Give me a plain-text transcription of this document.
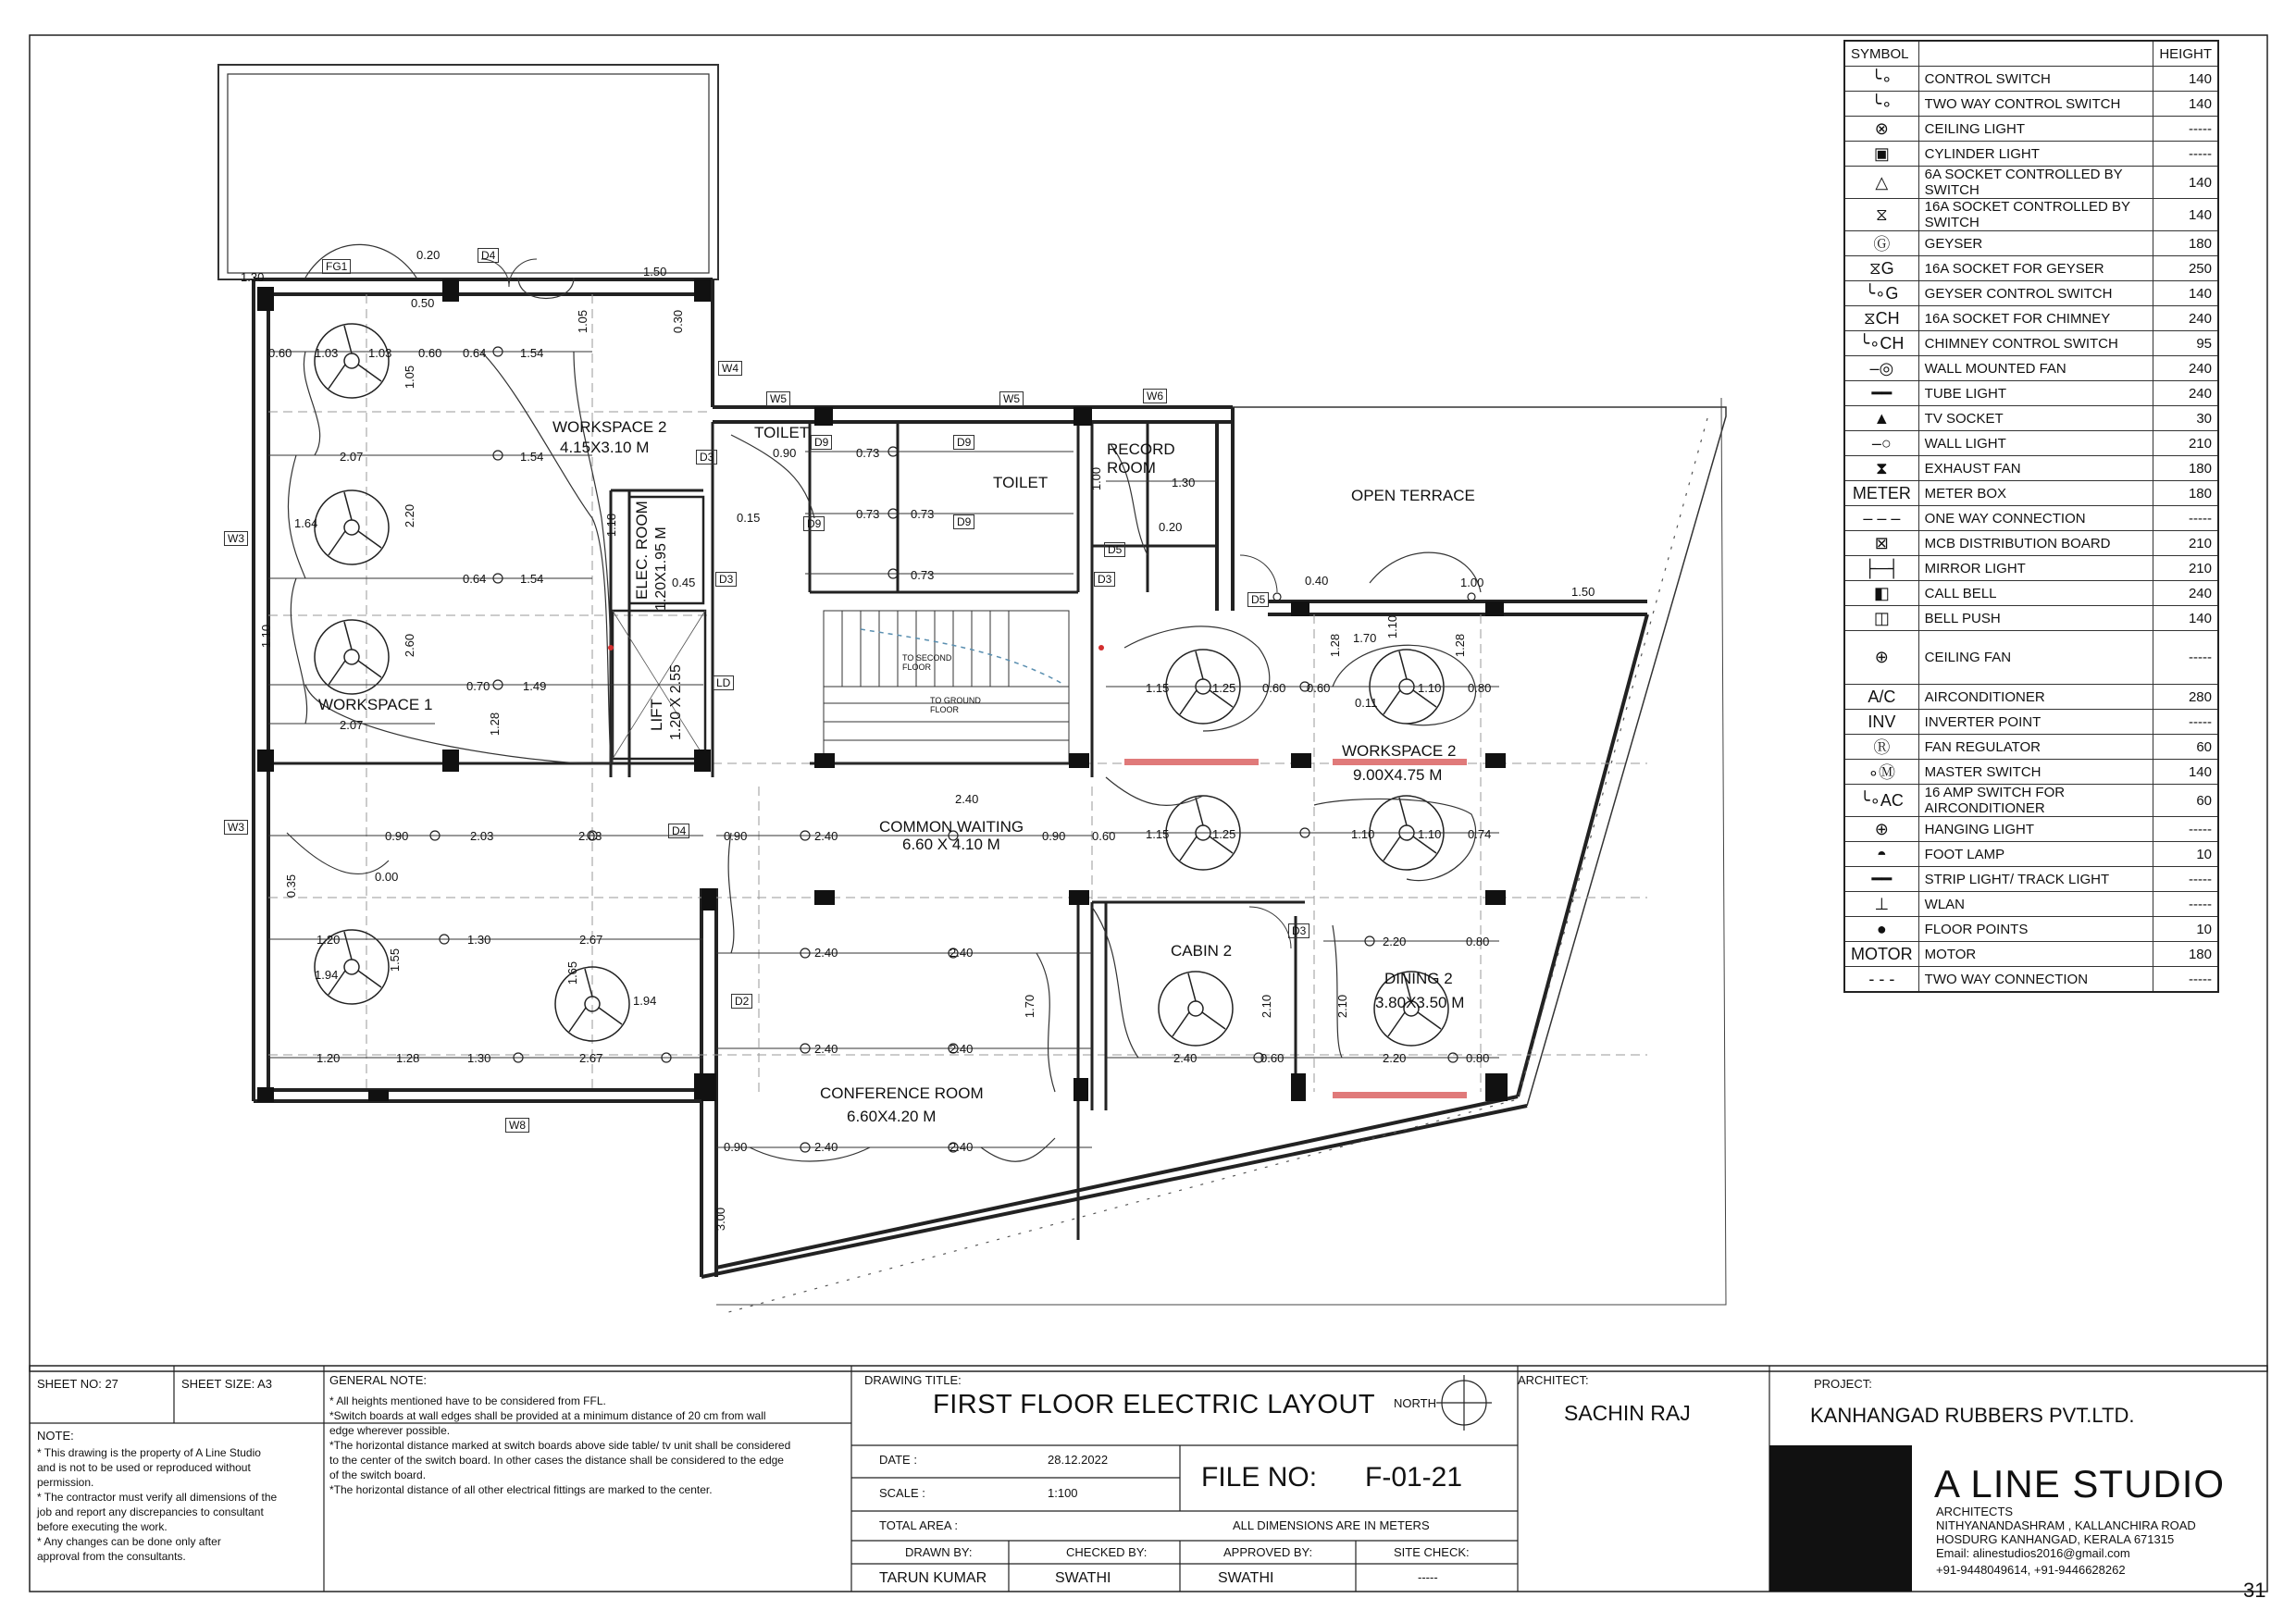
WORKSPACE 2
4.15X3.10 M
WORKSPACE 1
TOILET
TOILET
RECORD
ROOM
OPEN TERRACE
ELEC. ROOM 1.20X1.95 M
LIFT 1.20 X 2.55
TO SECOND
FLOOR
TO GROUND
FLOOR
COMMON WAITING
6.60 X 4.10 M
WORKSPACE 2
9.00X4.75 M
CABIN 2
DINING 2
3.80X3.50 M
CONFERENCE ROOM
6.60X4.20 M
FG1
D4
W4
W5	W5	W6
W3
W3
W8
D3
D3	D3
D3
D9	D9
D9	D9
D5
D5
D4
D2
LD
1.30
0.20
0.50
1.50
0.30
1.03	1.03
0.60	0.60 0.64	1.54
1.05
1.05
2.07	1.54
1.64	2.20
1.54
0.64
1.10	2.60
0.70	1.49
2.07	1.28
0.90	0.73
0.73	0.73
0.73
1.00	1.30
0.20
0.40	1.00
1.50
1.70
1.28	1.28
1.15	1.25 0.60 0.60	1.10 0.80
2.40
0.90	2.03	2.03	0.90	2.40	0.90 0.60	1.15	1.25	1.10	1.10 0.74
1.20	1.30	2.67
1.94
1.94
1.20	1.28	1.30	2.67
2.40	2.40
1.70
2.40	2.40
0.90	2.40	2.40
2.20	0.80
2.20	0.80
2.40	0.60
2.10	2.10
3.00
0.15
0.45
1.18
0.00
0.35
1.65
1.55
0.11
1.10
SYMBOL		HEIGHT
╰∘	CONTROL SWITCH	140
╰∘	TWO WAY CONTROL SWITCH	140
⊗	CEILING LIGHT	-----
▣	CYLINDER LIGHT	-----
△	6A SOCKET CONTROLLED BY SWITCH	140
⧖	16A SOCKET CONTROLLED BY SWITCH	140
Ⓖ	GEYSER	180
⧖G	16A SOCKET FOR GEYSER	250
╰∘G	GEYSER CONTROL SWITCH	140
⧖CH	16A SOCKET FOR CHIMNEY	240
╰∘CH	CHIMNEY CONTROL SWITCH	95
–◎	WALL MOUNTED FAN	240
━━	TUBE LIGHT	240
▲	TV SOCKET	30
–○	WALL LIGHT	210
⧗	EXHAUST FAN	180
METER	METER BOX	180
– – –	ONE WAY CONNECTION	-----
⊠	MCB DISTRIBUTION BOARD	210
├─┤	MIRROR LIGHT	210
◧	CALL BELL	240
◫	BELL PUSH	140
⊕	CEILING FAN	-----
A/C	AIRCONDITIONER	280
INV	INVERTER POINT	-----
Ⓡ	FAN REGULATOR	60
∘Ⓜ	MASTER SWITCH	140
╰∘AC	16 AMP SWITCH FOR AIRCONDITIONER	60
⊕	HANGING LIGHT	-----
◓	FOOT LAMP	10
━━	STRIP LIGHT/ TRACK LIGHT	-----
⊥	WLAN	-----
●	FLOOR POINTS	10
MOTOR	MOTOR	180
- - -	TWO WAY CONNECTION	-----
SHEET NO: 27	SHEET SIZE: A3	GENERAL NOTE:
* All heights mentioned have to be considered from FFL.
*Switch boards at wall edges shall be provided at a minimum distance of 20 cm from wall
edge wherever possible.
*The horizontal distance marked at switch boards above side table/ tv unit shall be considered
to the center of the switch board. In other cases the distance shall be considered to the edge
of the switch board.
*The horizontal distance of all other electrical fittings are marked to the center.
NOTE:
* This drawing is the property of A Line Studio
and is not to be used or reproduced without
permission.
* The contractor must verify all dimensions of the
job and report any discrepancies to consultant
before executing the work.
* Any changes can be done only after
approval from the consultants.
DRAWING TITLE:
FIRST FLOOR ELECTRIC LAYOUT NORTH
DATE :	28.12.2022
SCALE :	1:100
TOTAL AREA :
FILE NO: F-01-21
ALL DIMENSIONS ARE IN METERS
DRAWN BY:
TARUN KUMAR
CHECKED BY:
SWATHI
APPROVED BY:
SWATHI
SITE CHECK:
-----
ARCHITECT:
SACHIN RAJ
PROJECT:
KANHANGAD RUBBERS PVT.LTD.
A LINE STUDIO
ARCHITECTS
NITHYANANDASHRAM , KALLANCHIRA ROAD
HOSDURG KANHANGAD, KERALA 671315
Email: alinestudios2016@gmail.com
+91-9448049614, +91-9446628262
31
